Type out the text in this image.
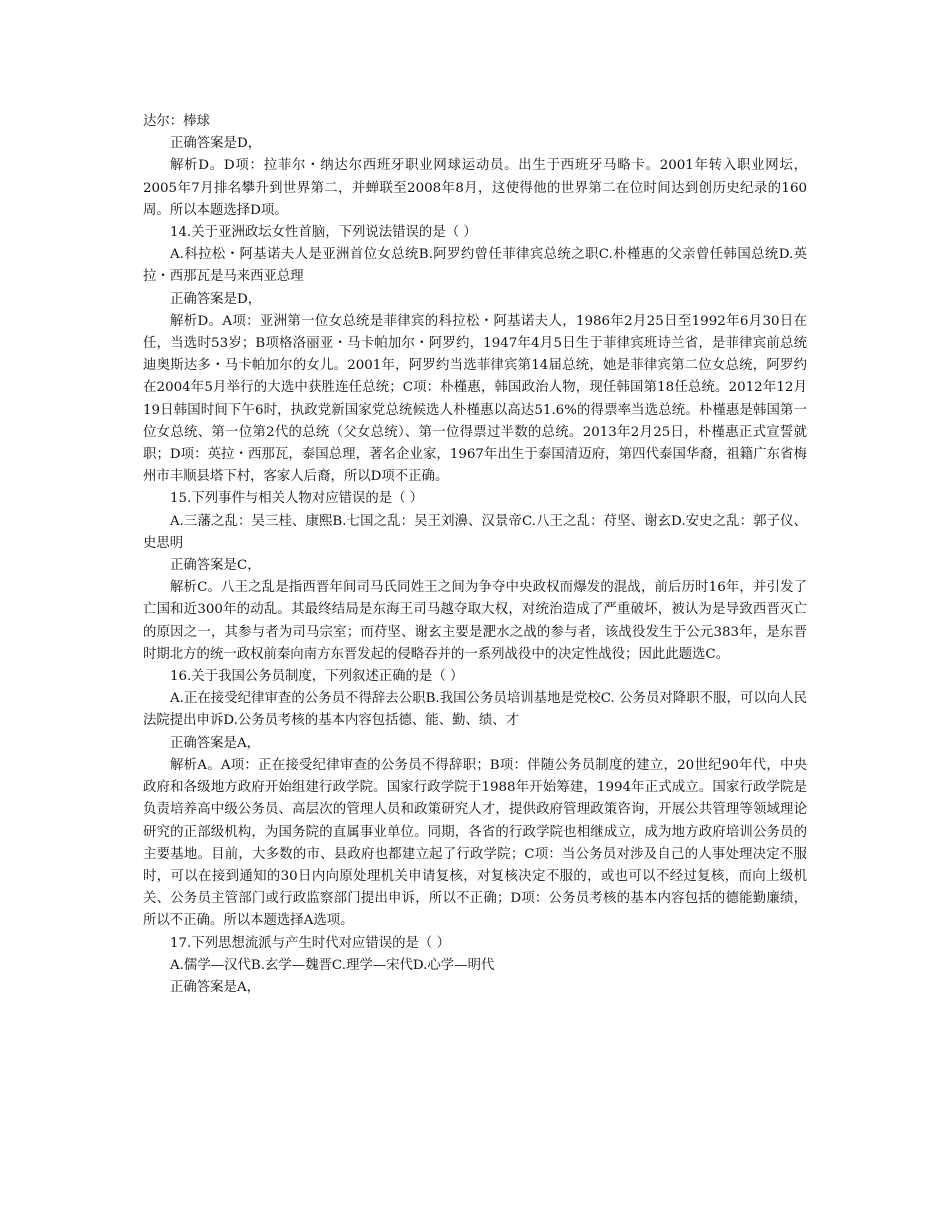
达尔：棒球

正确答案是D，

解析D。D项：拉菲尔・纳达尔西班牙职业网球运动员。出生于西班牙马略卡。2001年转入职业网坛，2005年7月排名攀升到世界第二，并蝉联至2008年8月，这使得他的世界第二在位时间达到创历史纪录的160周。所以本题选择D项。

14.关于亚洲政坛女性首脑，下列说法错误的是（ ）

A.科拉松・阿基诺夫人是亚洲首位女总统B.阿罗约曾任菲律宾总统之职C.朴槿惠的父亲曾任韩国总统D.英拉・西那瓦是马来西亚总理

正确答案是D，

解析D。A项：亚洲第一位女总统是菲律宾的科拉松・阿基诺夫人，1986年2月25日至1992年6月30日在任，当选时53岁；B项格洛丽亚・马卡帕加尔・阿罗约，1947年4月5日生于菲律宾班诗兰省，是菲律宾前总统迪奥斯达多・马卡帕加尔的女儿。2001年，阿罗约当选菲律宾第14届总统，她是菲律宾第二位女总统，阿罗约在2004年5月举行的大选中获胜连任总统；C项：朴槿惠，韩国政治人物，现任韩国第18任总统。2012年12月19日韩国时间下午6时，执政党新国家党总统候选人朴槿惠以高达51.6%的得票率当选总统。朴槿惠是韩国第一位女总统、第一位第2代的总统（父女总统）、第一位得票过半数的总统。2013年2月25日，朴槿惠正式宣誓就职；D项：英拉・西那瓦，泰国总理，著名企业家，1967年出生于泰国清迈府，第四代泰国华裔，祖籍广东省梅州市丰顺县塔下村，客家人后裔，所以D项不正确。

15.下列事件与相关人物对应错误的是（ ）

A.三藩之乱：吴三桂、康熙B.七国之乱：吴王刘濞、汉景帝C.八王之乱：苻坚、谢玄D.安史之乱：郭子仪、史思明

正确答案是C，

解析C。八王之乱是指西晋年间司马氏同姓王之间为争夺中央政权而爆发的混战，前后历时16年，并引发了亡国和近300年的动乱。其最终结局是东海王司马越夺取大权，对统治造成了严重破坏，被认为是导致西晋灭亡的原因之一，其参与者为司马宗室；而苻坚、谢玄主要是淝水之战的参与者，该战役发生于公元383年，是东晋时期北方的统一政权前秦向南方东晋发起的侵略吞并的一系列战役中的决定性战役；因此此题选C。

16.关于我国公务员制度，下列叙述正确的是（ ）

A.正在接受纪律审查的公务员不得辞去公职B.我国公务员培训基地是党校C. 公务员对降职不服，可以向人民法院提出申诉D.公务员考核的基本内容包括德、能、勤、绩、才

正确答案是A，

解析A。A项：正在接受纪律审查的公务员不得辞职；B项：伴随公务员制度的建立，20世纪90年代，中央政府和各级地方政府开始组建行政学院。国家行政学院于1988年开始筹建，1994年正式成立。国家行政学院是负责培养高中级公务员、高层次的管理人员和政策研究人才，提供政府管理政策咨询，开展公共管理等领域理论研究的正部级机构，为国务院的直属事业单位。同期，各省的行政学院也相继成立，成为地方政府培训公务员的主要基地。目前，大多数的市、县政府也都建立起了行政学院；C项：当公务员对涉及自己的人事处理决定不服时，可以在接到通知的30日内向原处理机关申请复核，对复核决定不服的，或也可以不经过复核，而向上级机关、公务员主管部门或行政监察部门提出申诉，所以不正确；D项：公务员考核的基本内容包括的德能勤廉绩，所以不正确。所以本题选择A选项。

17.下列思想流派与产生时代对应错误的是（ ）

A.儒学—汉代B.玄学—魏晋C.理学—宋代D.心学—明代

正确答案是A，
